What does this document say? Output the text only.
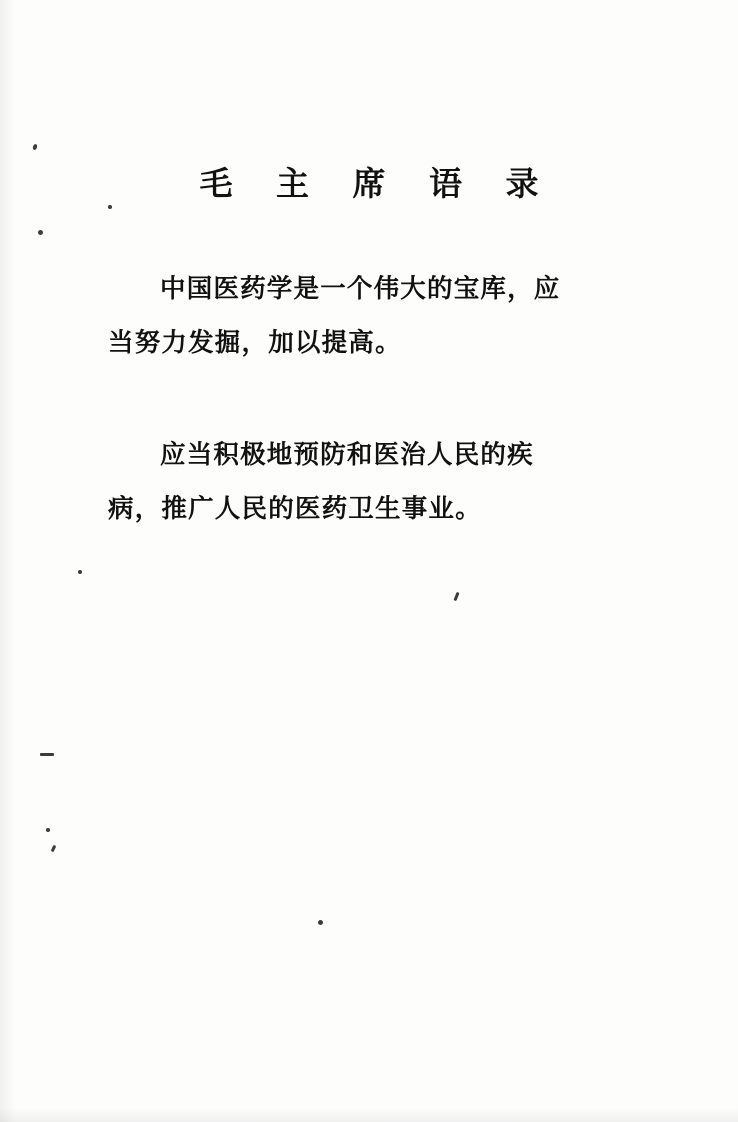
毛 主 席 语 录
中国医药学是一个伟大的宝库，应
当努力发掘，加以提高。
应当积极地预防和医治人民的疾
病，推广人民的医药卫生事业。
